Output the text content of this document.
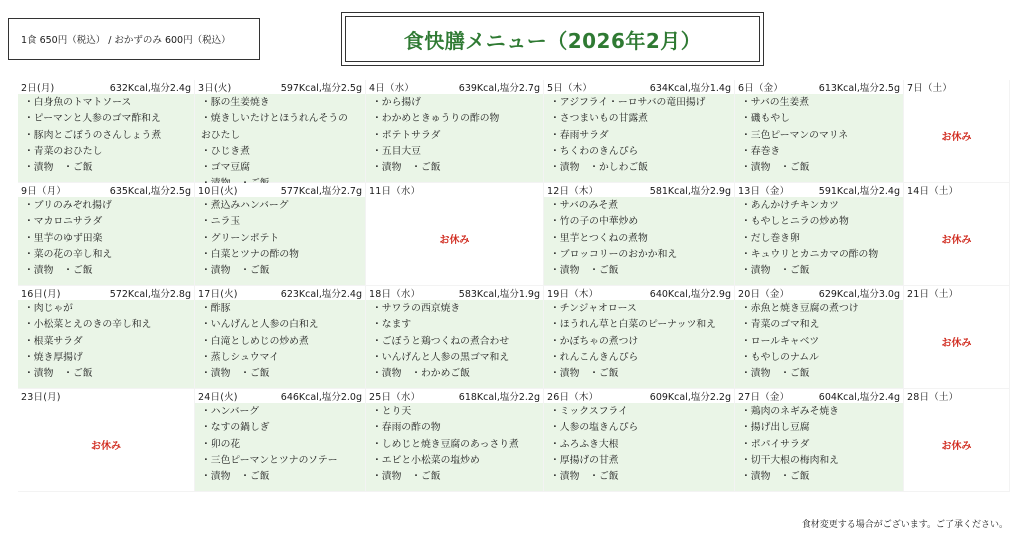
1食 650円（税込） / おかずのみ 600円（税込）	食快膳メニュー（2026年2月）
2日(月)	632Kcal,塩分2.4g
・白身魚のトマトソース
・ピーマンと人参のゴマ酢和え
・豚肉とごぼうのさんしょう煮
・青菜のおひたし
・漬物　・ご飯
3日(火)	597Kcal,塩分2.5g
・豚の生姜焼き
・焼きしいたけとほうれんそうの
おひたし
・ひじき煮
・ゴマ豆腐
4日（水）	639Kcal,塩分2.7g
・から揚げ
・わかめときゅうりの酢の物
・ポテトサラダ
・五目大豆
・漬物　・ご飯
5日（木）	634Kcal,塩分1.4g
・アジフライ・ーロサバの竜田揚げ
・さつまいもの甘露煮
・春雨サラダ
・ちくわのきんぴら
・漬物　・かしわご飯
6日（金）	613Kcal,塩分2.5g
・サバの生姜煮
・磯もやし
・三色ピーマンのマリネ
・春巻き
・漬物　・ご飯
7日（土）
お休み
9日（月）	635Kcal,塩分2.5g
・ブリのみぞれ揚げ
・マカロニサラダ
・里芋のゆず田楽
・菜の花の辛し和え
・漬物　・ご飯
10日(火)	577Kcal,塩分2.7g
・煮込みハンバーグ
・ニラ玉
・グリーンポテト
・白菜とツナの酢の物
・漬物　・ご飯
11日（水）
お休み
12日（木）	581Kcal,塩分2.9g
・サバのみそ煮
・竹の子の中華炒め
・里芋とつくねの煮物
・ブロッコリーのおかか和え
・漬物　・ご飯
13日（金）	591Kcal,塩分2.4g
・あんかけチキンカツ
・もやしとニラの炒め物
・だし巻き卵
・キュウリとカニカマの酢の物
・漬物　・ご飯
14日（土）
お休み
16日(月)	572Kcal,塩分2.8g
・肉じゃが
・小松菜とえのきの辛し和え
・根菜サラダ
・焼き厚揚げ
・漬物　・ご飯
17日(火)	623Kcal,塩分2.4g
・酢豚
・いんげんと人参の白和え
・白滝としめじの炒め煮
・蒸しシュウマイ
・漬物　・ご飯
18日（水）	583Kcal,塩分1.9g
・サワラの西京焼き
・なます
・ごぼうと鶏つくねの煮合わせ
・いんげんと人参の黒ゴマ和え
・漬物　・わかめご飯
19日（木）	640Kcal,塩分2.9g
・チンジャオロース
・ほうれん草と白菜のピーナッツ和え
・かぼちゃの煮つけ
・れんこんきんぴら
・漬物　・ご飯
20日（金）	629Kcal,塩分3.0g
・赤魚と焼き豆腐の煮つけ
・青菜のゴマ和え
・ロールキャベツ
・もやしのナムル
・漬物　・ご飯
21日（土）
お休み
23日(月)
お休み
24日(火)	646Kcal,塩分2.0g
・ハンバーグ
・なすの鍋しぎ
・卯の花
・三色ピーマンとツナのソテー
・漬物　・ご飯
25日（水）	618Kcal,塩分2.2g
・とり天
・春雨の酢の物
・しめじと焼き豆腐のあっさり煮
・エビと小松菜の塩炒め
・漬物　・ご飯
26日（木）	609Kcal,塩分2.2g
・ミックスフライ
・人参の塩きんぴら
・ふろふき大根
・厚揚げの甘煮
・漬物　・ご飯
27日（金）	604Kcal,塩分2.4g
・鶏肉のネギみそ焼き
・揚げ出し豆腐
・ポパイサラダ
・切干大根の梅肉和え
・漬物　・ご飯
28日（土）
お休み
食材変更する場合がございます。ご了承ください。
